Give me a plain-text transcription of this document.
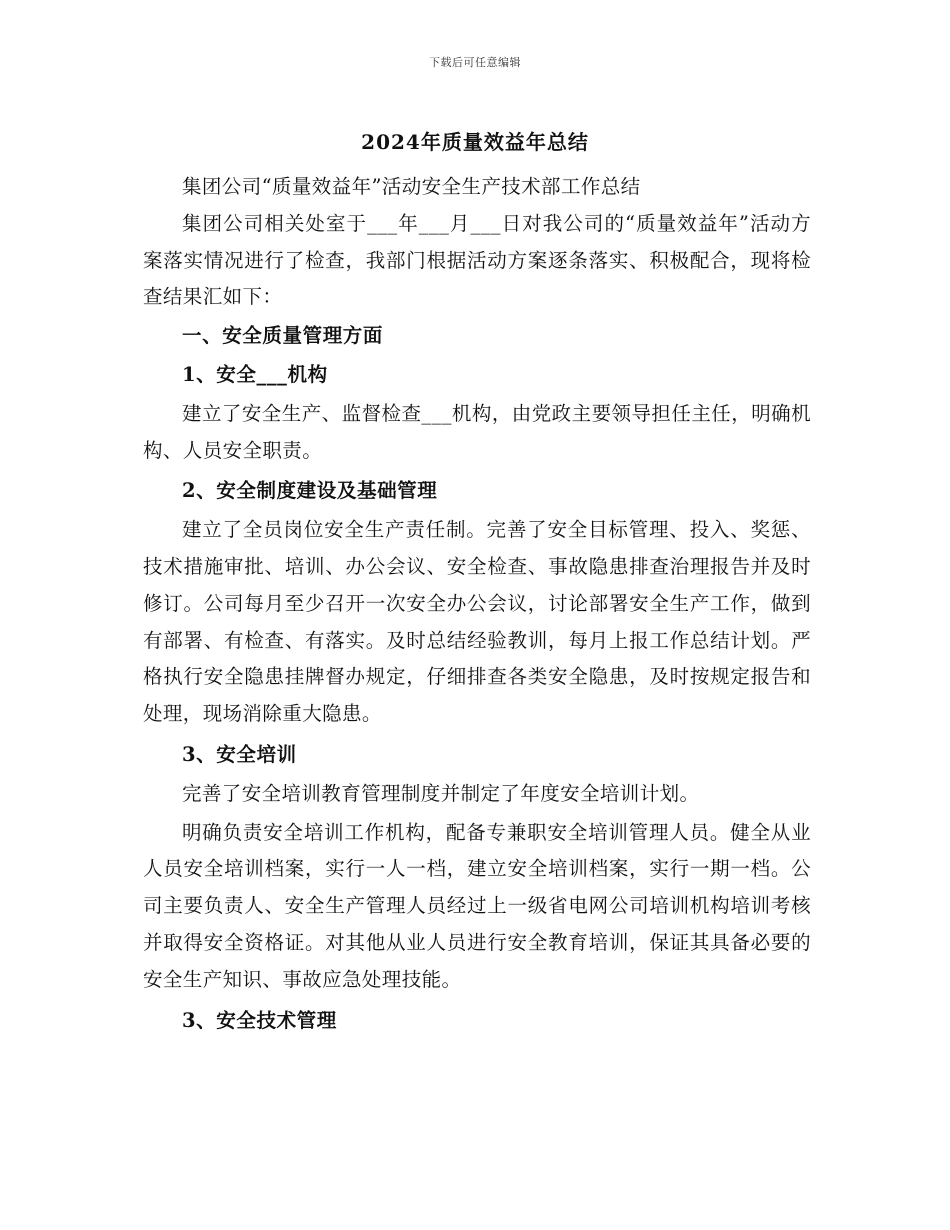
下载后可任意编辑
2024年质量效益年总结

集团公司“质量效益年”活动安全生产技术部工作总结

集团公司相关处室于___年___月___日对我公司的“质量效益年”活动方案落实情况进行了检查，我部门根据活动方案逐条落实、积极配合，现将检查结果汇如下：

一、安全质量管理方面

1、安全___机构

建立了安全生产、监督检查___机构，由党政主要领导担任主任，明确机构、人员安全职责。

2、安全制度建设及基础管理

建立了全员岗位安全生产责任制。完善了安全目标管理、投入、奖惩、技术措施审批、培训、办公会议、安全检查、事故隐患排查治理报告并及时修订。公司每月至少召开一次安全办公会议，讨论部署安全生产工作，做到有部署、有检查、有落实。及时总结经验教训，每月上报工作总结计划。严格执行安全隐患挂牌督办规定，仔细排查各类安全隐患，及时按规定报告和处理，现场消除重大隐患。

3、安全培训

完善了安全培训教育管理制度并制定了年度安全培训计划。

明确负责安全培训工作机构，配备专兼职安全培训管理人员。健全从业人员安全培训档案，实行一人一档，建立安全培训档案，实行一期一档。公司主要负责人、安全生产管理人员经过上一级省电网公司培训机构培训考核并取得安全资格证。对其他从业人员进行安全教育培训，保证其具备必要的安全生产知识、事故应急处理技能。

3、安全技术管理
